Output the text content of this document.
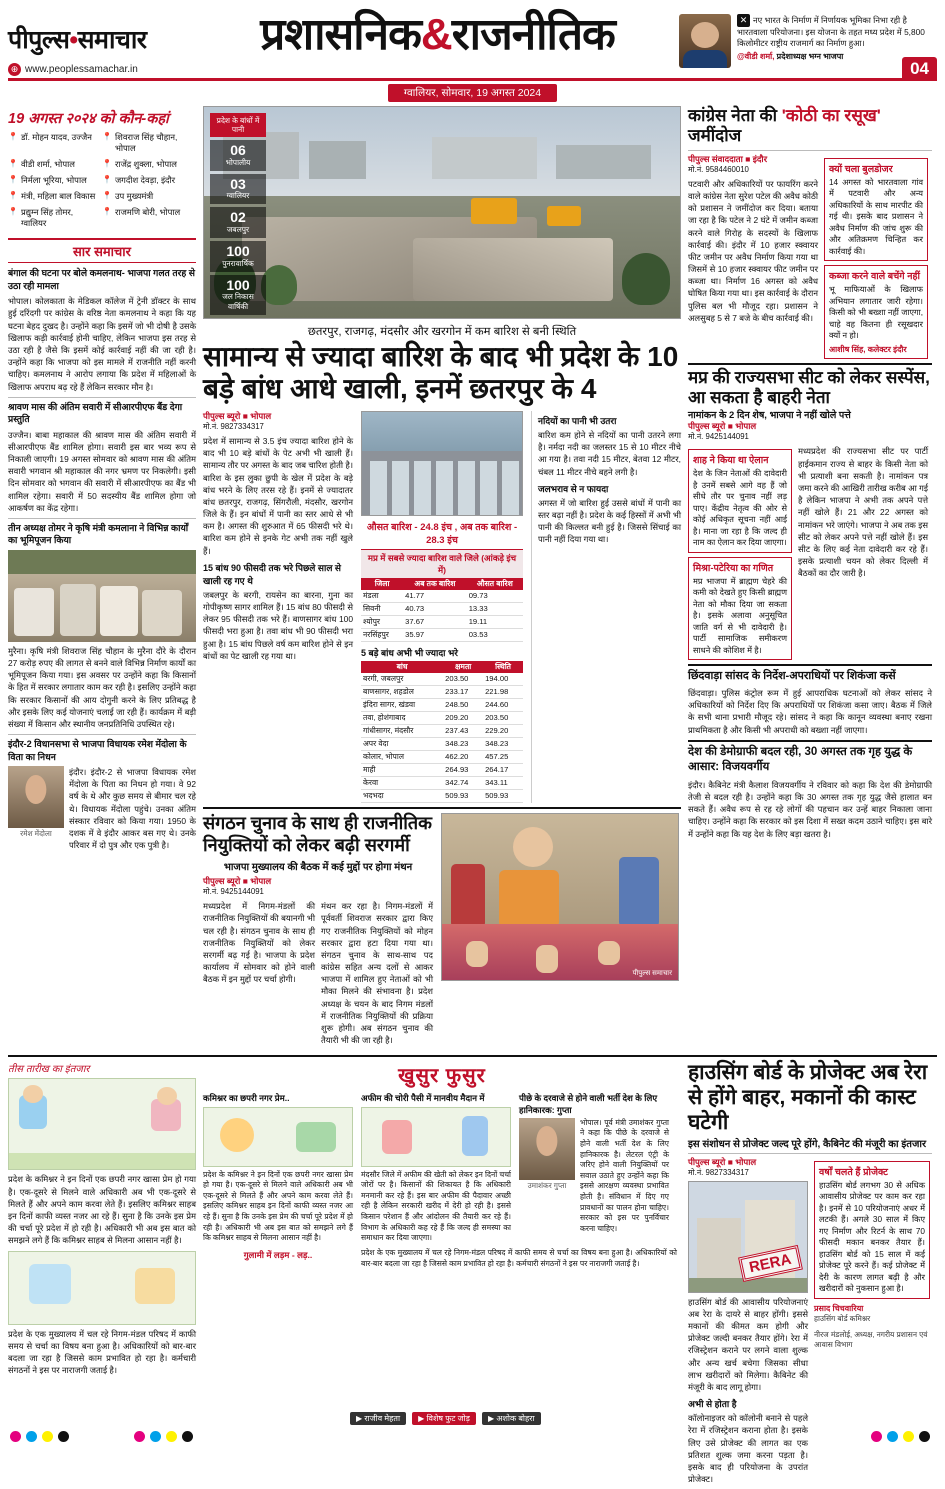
पीपुल्स•समाचार
⊕ www.peoplessamachar.in
प्रशासनिक&राजनीतिक	✕ नए भारत के निर्माण में निर्णायक भूमिका निभा रही है भारतवाला परियोजना। इस योजना के तहत मध्य प्रदेश में 5,800 किलोमीटर राष्ट्रीय राजमार्ग का निर्माण हुआ।
@वीडी शर्मा, प्रदेशाध्यक्ष भग्न भाजपा
ग्वालियर, सोमवार, 19 अगस्त 2024
04
19 अगस्त २०२४ को कौन-कहां
📍 डॉ. मोहन यादव, उज्जैन 📍 शिवराज सिंह चौहान, भोपाल
📍 वीडी शर्मा, भोपाल	📍 राजेंद्र शुक्ला, भोपाल
📍 निर्मला भूरिया, भोपाल 📍 जगदीश देवड़ा, इंदौर
📍 मंत्री, महिला बाल विकास 📍 उप मुख्यमंत्री
📍 प्रद्युम्न सिंह तोमर, ग्वालियर
📍 राजमणि बोरी, भोपाल
सार समाचार
बंगाल की घटना पर बोले कमलनाथ- भाजपा गलत तरह से उठा रही मामला

भोपाल। कोलकाता के मेडिकल कॉलेज में ट्रेनी डॉक्टर के साथ हुई दरिंदगी पर कांग्रेस के वरिष्ठ नेता कमलनाथ ने कहा कि यह घटना बेहद दुखद है। उन्होंने कहा कि इसमें जो भी दोषी है उसके खिलाफ कड़ी कार्रवाई होनी चाहिए, लेकिन भाजपा इस तरह से उठा रही है जैसे कि इसमें कोई कार्रवाई नहीं की जा रही है। उन्होंने कहा कि भाजपा को इस मामले में राजनीति नहीं करनी चाहिए। कमलनाथ ने आरोप लगाया कि प्रदेश में महिलाओं के खिलाफ अपराध बढ़ रहे हैं लेकिन सरकार मौन है।

श्रावण मास की अंतिम सवारी में सीआरपीएफ बैंड देगा प्रस्तुति

उज्जैन। बाबा महाकाल की श्रावण मास की अंतिम सवारी में सीआरपीएफ बैंड शामिल होगा। सवारी इस बार भव्य रूप से निकाली जाएगी। 19 अगस्त सोमवार को श्रावण मास की अंतिम सवारी भगवान श्री महाकाल की नगर भ्रमण पर निकलेगी। इसी दिन सोमवार को भगवान की सवारी में सीआरपीएफ का बैंड भी शामिल रहेगा। सवारी में 50 सदस्यीय बैंड शामिल होगा जो आकर्षण का केंद्र रहेगा।

तीन अध्यक्ष तोमर ने कृषि मंत्री कमलाना ने विभिन्न कार्यों का भूमिपूजन किया

मुरैना। कृषि मंत्री शिवराज सिंह चौहान के मुरैना दौरे के दौरान 27 करोड़ रुपए की लागत से बनने वाले विभिन्न निर्माण कार्यों का भूमिपूजन किया गया। इस अवसर पर उन्होंने कहा कि किसानों के हित में सरकार लगातार काम कर रही है। इसलिए उन्होंने कहा कि सरकार किसानों की आय दोगुनी करने के लिए प्रतिबद्ध है और इसके लिए कई योजनाएं चलाई जा रही हैं। कार्यक्रम में बड़ी संख्या में किसान और स्थानीय जनप्रतिनिधि उपस्थित रहे।

इंदौर-2 विधानसभा से भाजपा विधायक रमेश मेंदोला के विता का निधन
रमेश मेंदोला

इंदौर। इंदौर-2 से भाजपा विधायक रमेश मेंदोला के पिता का निधन हो गया। वे 92 वर्ष के थे और कुछ समय से बीमार चल रहे थे। विधायक मेंदोला पहुंचे। उनका अंतिम संस्कार रविवार को किया गया। 1950 के दशक में वे इंदौर आकर बस गए थे। उनके परिवार में दो पुत्र और एक पुत्री है।

प्रदेश के बांधों में पानी
06
भोपालीय
03
ग्वालियर
02
जबलपुर
100
पुनरावार्षिक
100
जल निकास वार्षिकी
छतरपुर, राजगढ़, मंदसौर और खरगोन में कम बारिश से बनी स्थिति
सामान्य से ज्यादा बारिश के बाद भी प्रदेश के 10 बड़े बांध आधे खाली, इनमें छतरपुर के 4
पीपुल्स ब्यूरो ■ भोपाल
मो.नं. 9827334317

प्रदेश में सामान्य से 3.5 इंच ज्यादा बारिश होने के बाद भी 10 बड़े बांधों के पेट अभी भी खाली हैं। सामान्य तौर पर अगस्त के बाद जब चारिश होती है। बारिश के इस लुका छुपी के खेल में प्रदेश के बड़े बांध भरने के लिए तरस रहे हैं। इनमें से ज्यादातर बांध छतरपुर, राजगढ़, सिंगरौली, मंदसौर, खरगोन जिले के हैं। इन बांधों में पानी का स्तर आधे से भी कम है। अगस्त की शुरुआत में 65 फीसदी भरे थे। बारिश कम होने से इनके गेट अभी तक नहीं खुले हैं।

15 बांध 90 फीसदी तक भरे पिछले साल से खाली रह गए थे

जबलपुर के बरगी, रायसेन का बारना, गुना का गोपीकृष्ण सागर शामिल हैं। 15 बांध 80 फीसदी से लेकर 95 फीसदी तक भरे हैं। बाणसागर बांध 100 फीसदी भरा हुआ है। तवा बांध भी 90 फीसदी भरा हुआ है। 15 बांध पिछले वर्ष कम बारिश होने से इन बांधों का पेट खाली रह गया था।

औसत बारिश - 24.8 इंच , अब तक बारिश - 28.3 इंच
मप्र में सबसे ज्यादा बारिश वाले जिले (आंकड़े इंच में)
जिला	अब तक बारिश	औसत बारिश
मंडला	41.77	09.73
सिवनी	40.73	13.33
श्योपुर	37.67	19.11
नरसिंहपुर	35.97	03.53
5 बड़े बांध अभी भी ज्यादा भरे
बांध	क्षमता	स्थिति
बरगी, जबलपुर	203.50	194.00
बाणसागर, शहडोल	233.17	221.98
इंदिरा सागर, खंडवा	248.50	244.60
तवा, होशंगाबाद	209.20	203.50
गांधीसागर, मंदसौर	237.43	229.20
अपर वेदा	348.23	348.23
कोलार, भोपाल	462.20	457.25
माही	264.93	264.17
केरवा	342.74	343.11
भदभदा	509.93	509.93
नदियों का पानी भी उतरा

बारिश कम होने से नदियों का पानी उतरने लगा है। नर्मदा नदी का जलस्तर 15 से 10 मीटर नीचे आ गया है। तवा नदी 15 मीटर, बेतवा 12 मीटर, चंबल 11 मीटर नीचे बहने लगी है।

जलभराव से न फायदा

अगस्त में जो बारिश हुई उससे बांधों में पानी का स्तर बढ़ा नहीं है। प्रदेश के कई हिस्सों में अभी भी पानी की किल्लत बनी हुई है। जिससे सिंचाई का पानी नहीं दिया गया था।

संगठन चुनाव के साथ ही राजनीतिक नियुक्तियों को लेकर बढ़ी सरगर्मी
भाजपा मुख्यालय की बैठक में कई मुद्दों पर होगा मंथन
पीपुल्स ब्यूरो ■ भोपाल
मो.नं. 9425144091

मध्यप्रदेश में निगम-मंडलों की राजनीतिक नियुक्तियों की बयानगी भी चल रही है। संगठन चुनाव के साथ ही राजनीतिक नियुक्तियों को लेकर सरगर्मी बढ़ गई है। भाजपा के प्रदेश कार्यालय में सोमवार को होने वाली बैठक में इन मुद्दों पर चर्चा होगी।

मंथन कर रहा है। निगम-मंडलों में पूर्ववर्ती शिवराज सरकार द्वारा किए गए राजनीतिक नियुक्तियों को मोहन सरकार द्वारा हटा दिया गया था। संगठन चुनाव के साथ-साथ पद कांग्रेस सहित अन्य दलों से आकर भाजपा में शामिल हुए नेताओं को भी मौका मिलने की संभावना है। प्रदेश अध्यक्ष के चयन के बाद निगम मंडलों में राजनीतिक नियुक्तियों की प्रक्रिया शुरू होगी। अब संगठन चुनाव की तैयारी भी की जा रही है।

पीपुल्स समाचार
कांग्रेस नेता की 'कोठी का रसूख' जमींदोज
पीपुल्स संवाददाता ■ इंदौर
मो.नं. 9584460010

पटवारी और अधिकारियों पर फायरिंग करने वाले कांग्रेस नेता सुरेश पटेल की अवैध कोठी को प्रशासन ने जमींदोज कर दिया। बताया जा रहा है कि पटेल ने 2 घंटे में जमीन कब्जा करने वाले गिरोह के सदस्यों के खिलाफ कार्रवाई की। इंदौर में 10 हजार स्क्वायर फीट जमीन पर अवैध निर्माण किया गया था जिसमें से 10 हजार स्क्वायर फीट जमीन पर कब्जा था। निर्माण 16 अगस्त को अवैध घोषित किया गया था। इस कार्रवाई के दौरान पुलिस बल भी मौजूद रहा। प्रशासन ने अलसुबह 5 से 7 बजे के बीच कार्रवाई की।

क्यों चला बुलडोजर
14 अगस्त को भारतवाला गांव में पटवारी और अन्य अधिकारियों के साथ मारपीट की गई थी। इसके बाद प्रशासन ने अवैध निर्माण की जांच शुरू की और अतिक्रमण चिन्हित कर कार्रवाई की।
कब्जा करने वाले बचेंगे नहीं
भू माफियाओं के खिलाफ अभियान लगातार जारी रहेगा। किसी को भी बख्शा नहीं जाएगा, चाहे वह कितना ही रसूखदार क्यों न हो।
आशीष सिंह, कलेक्टर इंदौर
मप्र की राज्यसभा सीट को लेकर सस्पेंस, आ सकता है बाहरी नेता
नामांकन के 2 दिन शेष, भाजपा ने नहीं खोले पत्ते
पीपुल्स ब्यूरो ■ भोपाल
मो.नं. 9425144091
शाह ने किया था ऐलान
देश के जिन नेताओं की दावेदारी है उनमें सबसे आगे वह हैं जो सीधे तौर पर चुनाव नहीं लड़ पाए। केंद्रीय नेतृत्व की ओर से कोई अधिकृत सूचना नहीं आई है। माना जा रहा है कि जल्द ही नाम का ऐलान कर दिया जाएगा।
मिश्रा-पटेरिया का गणित
मप्र भाजपा में ब्राह्मण चेहरे की कमी को देखते हुए किसी ब्राह्मण नेता को मौका दिया जा सकता है। इसके अलावा अनुसूचित जाति वर्ग से भी दावेदारी है। पार्टी सामाजिक समीकरण साधने की कोशिश में है।

मध्यप्रदेश की राज्यसभा सीट पर पार्टी हाईकमान राज्य से बाहर के किसी नेता को भी प्रत्याशी बना सकती है। नामांकन पत्र जमा करने की आखिरी तारीख करीब आ गई है लेकिन भाजपा ने अभी तक अपने पत्ते नहीं खोले हैं। 21 और 22 अगस्त को नामांकन भरे जाएंगे। भाजपा ने अब तक इस सीट को लेकर अपने पत्ते नहीं खोले हैं। इस सीट के लिए कई नेता दावेदारी कर रहे हैं। इसके प्रत्याशी चयन को लेकर दिल्ली में बैठकों का दौर जारी है।

छिंदवाड़ा सांसद के निर्देश-अपराधियों पर शिकंजा कसें

छिंदवाड़ा। पुलिस कंट्रोल रूम में हुई आपराधिक घटनाओं को लेकर सांसद ने अधिकारियों को निर्देश दिए कि अपराधियों पर शिकंजा कसा जाए। बैठक में जिले के सभी थाना प्रभारी मौजूद रहे। सांसद ने कहा कि कानून व्यवस्था बनाए रखना प्राथमिकता है और किसी भी अपराधी को बख्शा नहीं जाएगा।

देश की डेमोग्राफी बदल रही, 30 अगस्त तक गृह युद्ध के आसार: विजयवर्गीय

इंदौर। कैबिनेट मंत्री कैलाश विजयवर्गीय ने रविवार को कहा कि देश की डेमोग्राफी तेजी से बदल रही है। उन्होंने कहा कि 30 अगस्त तक गृह युद्ध जैसे हालात बन सकते हैं। अवैध रूप से रह रहे लोगों की पहचान कर उन्हें बाहर निकाला जाना चाहिए। उन्होंने कहा कि सरकार को इस दिशा में सख्त कदम उठाने चाहिए। इस बारे में उन्होंने कहा कि यह देश के लिए बड़ा खतरा है।

तीस तारीख का इंतजार

प्रदेश के कमिश्नर ने इन दिनों एक छपरी नगर खासा प्रेम हो गया है। एक-दूसरे से मिलने वाले अधिकारी अब भी एक-दूसरे से मिलते हैं और अपने काम करवा लेते हैं। इसलिए कमिश्नर साहब इन दिनों काफी व्यस्त नजर आ रहे हैं। सुना है कि उनके इस प्रेम की चर्चा पूरे प्रदेश में हो रही है। अधिकारी भी अब इस बात को समझने लगे हैं कि कमिश्नर साहब से मिलना आसान नहीं है।

प्रदेश के एक मुख्यालय में चल रहे निगम-मंडल परिषद में काफी समय से चर्चा का विषय बना हुआ है। अधिकारियों को बार-बार बदला जा रहा है जिससे काम प्रभावित हो रहा है। कर्मचारी संगठनों ने इस पर नाराजगी जताई है।

खुसुर फुसुर
कमिश्नर का छपरी नगर प्रेम..
प्रदेश के कमिश्नर ने इन दिनों एक छपरी नगर खासा प्रेम हो गया है। एक-दूसरे से मिलने वाले अधिकारी अब भी एक-दूसरे से मिलते हैं और अपने काम करवा लेते हैं। इसलिए कमिश्नर साहब इन दिनों काफी व्यस्त नजर आ रहे हैं। सुना है कि उनके इस प्रेम की चर्चा पूरे प्रदेश में हो रही है। अधिकारी भी अब इस बात को समझने लगे हैं कि कमिश्नर साहब से मिलना आसान नहीं है।
अफीम की चोरी पैसी में मानवीय मैदान में
मंदसौर जिले में अफीम की खेती को लेकर इन दिनों चर्चा जोरों पर है। किसानों की शिकायत है कि अधिकारी मनमानी कर रहे हैं। इस बार अफीम की पैदावार अच्छी रही है लेकिन सरकारी खरीद में देरी हो रही है। इससे किसान परेशान हैं और आंदोलन की तैयारी कर रहे हैं। विभाग के अधिकारी कह रहे हैं कि जल्द ही समस्या का समाधान कर दिया जाएगा।
पीछे के दरवाजे से होने वाली भर्ती देश के लिए हानिकारक: गुप्ता
उमाशंकर गुप्ता
भोपाल। पूर्व मंत्री उमाशंकर गुप्ता ने कहा कि पीछे के दरवाजे से होने वाली भर्ती देश के लिए हानिकारक है। लेटरल एंट्री के जरिए होने वाली नियुक्तियों पर सवाल उठाते हुए उन्होंने कहा कि इससे आरक्षण व्यवस्था प्रभावित होती है। संविधान में दिए गए प्रावधानों का पालन होना चाहिए। सरकार को इस पर पुनर्विचार करना चाहिए।
गुलामी में लड़म - लड़..	प्रदेश के एक मुख्यालय में चल रहे निगम-मंडल परिषद में काफी समय से चर्चा का विषय बना हुआ है। अधिकारियों को बार-बार बदला जा रहा है जिससे काम प्रभावित हो रहा है। कर्मचारी संगठनों ने इस पर नाराजगी जताई है।
हाउसिंग बोर्ड के प्रोजेक्ट अब रेरा से होंगे बाहर, मकानों की कास्ट घटेगी
इस संशोधन से प्रोजेक्ट जल्द पूरे होंगे, कैबिनेट की मंजूरी का इंतजार
पीपुल्स ब्यूरो ■ भोपाल
मो.नं. 9827334317
RERA

हाउसिंग बोर्ड की आवासीय परियोजनाएं अब रेरा के दायरे से बाहर होंगी। इससे मकानों की कीमत कम होगी और प्रोजेक्ट जल्दी बनकर तैयार होंगे। रेरा में रजिस्ट्रेशन कराने पर लगने वाला शुल्क और अन्य खर्च बचेगा जिसका सीधा लाभ खरीदारों को मिलेगा। कैबिनेट की मंजूरी के बाद लागू होगा।

अभी से होता है

कॉलोनाइजर को कॉलोनी बनाने से पहले रेरा में रजिस्ट्रेशन कराना होता है। इसके लिए उसे प्रोजेक्ट की लागत का एक प्रतिशत शुल्क जमा करना पड़ता है। इसके बाद ही परियोजना के उपरांत प्रोजेक्ट।

वर्षों चलते हैं प्रोजेक्ट
हाउसिंग बोर्ड लगभग 30 से अधिक आवासीय प्रोजेक्ट पर काम कर रहा है। इनमें से 10 परियोजनाएं अधर में लटकी हैं। अगले 30 साल में किए गए निर्माण और रिटर्न के साथ 70 फीसदी मकान बनकर तैयार हैं। हाउसिंग बोर्ड को 15 साल में कई प्रोजेक्ट पूरे करने हैं। कई प्रोजेक्ट में देरी के कारण लागत बढ़ी है और खरीदारों को नुकसान हुआ है।
प्रसाद चिचवारिया
हाउसिंग बोर्ड कमिश्नर
नीरज मंडलोई, अध्यक्ष, नगरीय प्रशासन एवं आवास विभाग
▶ राजीव मेहता	▶ विशेष फुट जोड़	▶ अशोक बोहरा
